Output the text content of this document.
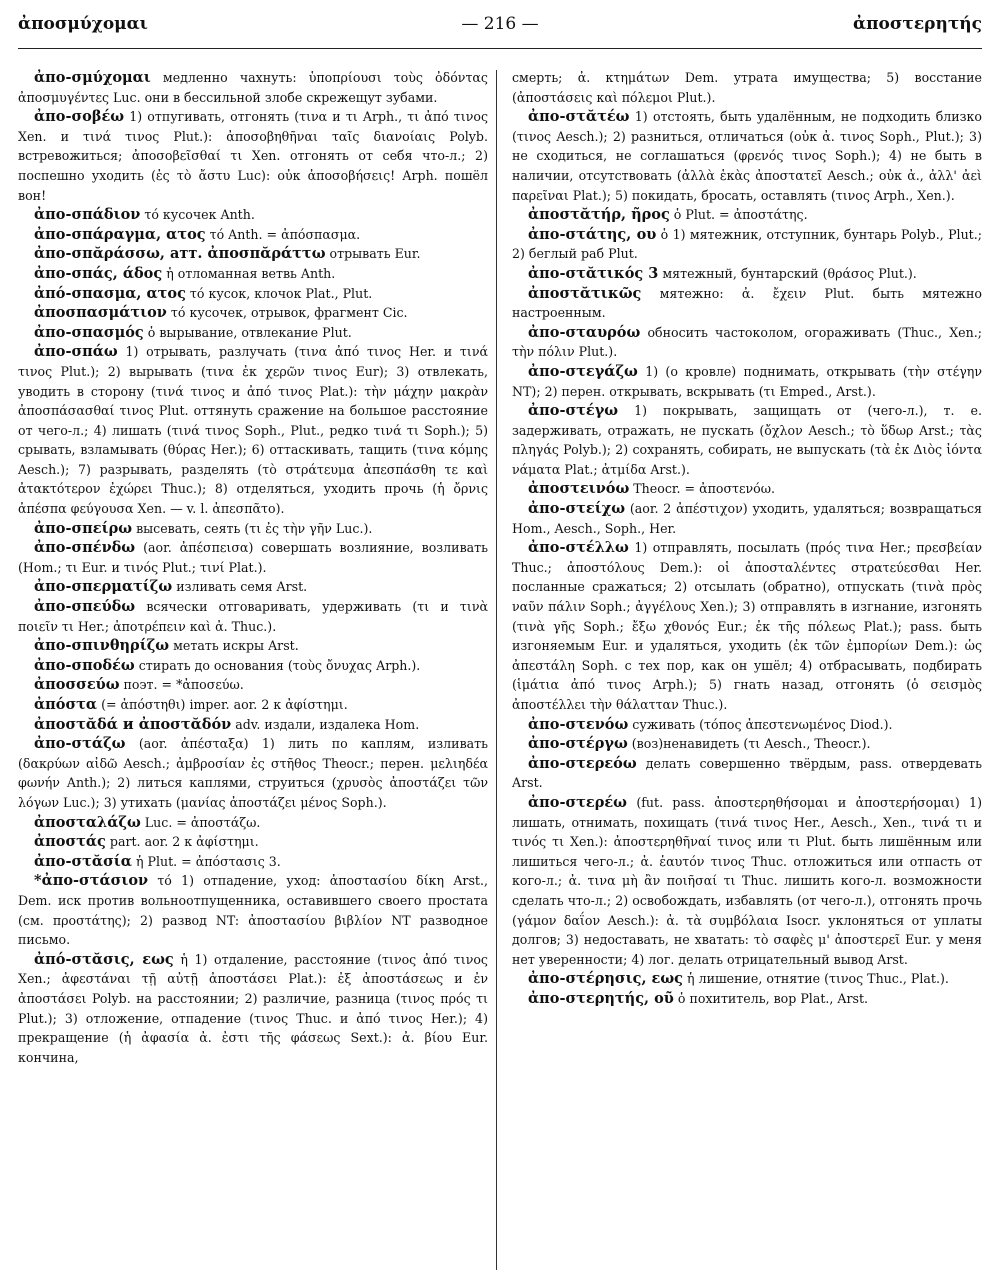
ἀποσμύχομαι	— 216 —	ἀποστερητής

ἀπο-σμύχομαι медленно чахнуть: ὑποπρίουσι τοὺς ὀδόντας ἀποσμυγέντες Luc. они в бессильной злобе скрежещут зубами.

ἀπο-σοβέω 1) отпугивать, отгонять (τινα и τι Arph., τι ἀπό τινος Xen. и τινά τινος Plut.): ἀποσοβηθῆναι ταῖς διανοίαις Polyb. встревожиться; ἀποσοβεῖσθαί τι Xen. отгонять от себя что-л.; 2) поспешно уходить (ἐς τὸ ἄστυ Luc): οὐκ ἀποσοβήσεις! Arph. пошёл вон!

ἀπο-σπάδιον τό кусочек Anth.

ἀπο-σπάραγμα, ατος τό Anth. = ἀπόσπασμα.

ἀπο-σπᾰράσσω, атт. ἀποσπᾰράττω отрывать Eur.

ἀπο-σπάς, άδος ἡ отломанная ветвь Anth.

ἀπό-σπασμα, ατος τό кусок, клочок Plat., Plut.

ἀποσπασμάτιον τό кусочек, отрывок, фрагмент Cic.

ἀπο-σπασμός ὁ вырывание, отвлекание Plut.

ἀπο-σπάω 1) отрывать, разлучать (τινα ἀπό τινος Her. и τινά τινος Plut.); 2) вырывать (τινα ἐκ χερῶν τινος Eur); 3) отвлекать, уводить в сторону (τινά τινος и ἀπό τινος Plat.): τὴν μάχην μακρὰν ἀποσπάσασθαί τινος Plut. оттянуть сражение на большое расстояние от чего-л.; 4) лишать (τινά τινος Soph., Plut., редко τινά τι Soph.); 5) срывать, взламывать (θύρας Her.); 6) оттаскивать, тащить (τινα κόμης Aesch.); 7) разрывать, разделять (τὸ στράτευμα ἀπεσπάσθη τε καὶ ἀτακτότερον ἐχώρει Thuc.); 8) отделяться, уходить прочь (ἡ ὄρνις ἀπέσπα φεύγουσα Xen. — v. l. ἀπεσπᾶτο).

ἀπο-σπείρω высевать, сеять (τι ἐς τὴν γῆν Luc.).

ἀπο-σπένδω (aor. ἀπέσπεισα) совершать возлияние, возливать (Hom.; τι Eur. и τινός Plut.; τινί Plat.).

ἀπο-σπερματίζω изливать семя Arst.

ἀπο-σπεύδω всячески отговаривать, удерживать (τι и τινὰ ποιεῖν τι Her.; ἀποτρέπειν καὶ ἀ. Thuc.).

ἀπο-σπινθηρίζω метать искры Arst.

ἀπο-σποδέω стирать до основания (τοὺς ὄνυχας Arph.).

ἀποσσεύω поэт. = *ἀποσεύω.

ἀπόστα (= ἀπόστηθι) imper. aor. 2 к ἀφίστημι.

ἀποστᾰδά и ἀποστᾰδόν adv. издали, издалека Hom.

ἀπο-στάζω (aor. ἀπέσταξα) 1) лить по каплям, изливать (δακρύων αἰδῶ Aesch.; ἀμβροσίαν ἐς στῆθος Theocr.; перен. μελιηδέα φωνήν Anth.); 2) литься каплями, струиться (χρυσὸς ἀποστάζει τῶν λόγων Luc.); 3) утихать (μανίας ἀποστάζει μένος Soph.).

ἀποσταλάζω Luc. = ἀποστάζω.

ἀποστάς part. aor. 2 к ἀφίστημι.

ἀπο-στᾰσία ἡ Plut. = ἀπόστασις 3.

*ἀπο-στάσιον τό 1) отпадение, уход: ἀποστασίου δίκη Arst., Dem. иск против вольноотпущенника, оставившего своего простата (см. προστάτης); 2) развод NT: ἀποστασίου βιβλίον NT разводное письмо.

ἀπό-στᾰσις, εως ἡ 1) отдаление, расстояние (τινος ἀπό τινος Xen.; ἀφεστάναι τῇ αὐτῇ ἀποστάσει Plat.): ἐξ ἀποστάσεως и ἐν ἀποστάσει Polyb. на расстоянии; 2) различие, разница (τινος πρός τι Plut.); 3) отложение, отпадение (τινος Thuc. и ἀπό τινος Her.); 4) прекращение (ἡ ἀφασία ἀ. ἐστι τῆς φάσεως Sext.): ἀ. βίου Eur. кончина,

смерть; ἀ. κτημάτων Dem. утрата имущества; 5) восстание (ἀποστάσεις καὶ πόλεμοι Plut.).

ἀπο-στᾰτέω 1) отстоять, быть удалённым, не подходить близко (τινος Aesch.); 2) разниться, отличаться (οὐκ ἀ. τινος Soph., Plut.); 3) не сходиться, не соглашаться (φρενός τινος Soph.); 4) не быть в наличии, отсутствовать (ἀλλὰ ἑκὰς ἀποστατεῖ Aesch.; οὐκ ἀ., ἀλλ' ἀεὶ παρεῖναι Plat.); 5) покидать, бросать, оставлять (τινος Arph., Xen.).

ἀποστᾰτήρ, ῆρος ὁ Plut. = ἀποστάτης.

ἀπο-στάτης, ου ὁ 1) мятежник, отступник, бунтарь Polyb., Plut.; 2) беглый раб Plut.

ἀπο-στᾰτικός 3 мятежный, бунтарский (θράσος Plut.).

ἀποστᾰτικῶς мятежно: ἀ. ἔχειν Plut. быть мятежно настроенным.

ἀπο-σταυρόω обносить частоколом, огораживать (Thuc., Xen.; τὴν πόλιν Plut.).

ἀπο-στεγάζω 1) (о кровле) поднимать, открывать (τὴν στέγην NT); 2) перен. открывать, вскрывать (τι Emped., Arst.).

ἀπο-στέγω 1) покрывать, защищать от (чего-л.), т. е. задерживать, отражать, не пускать (ὄχλον Aesch.; τὸ ὕδωρ Arst.; τὰς πληγάς Polyb.); 2) сохранять, собирать, не выпускать (τὰ ἐκ Διὸς ἰόντα νάματα Plat.; ἀτμίδα Arst.).

ἀποστεινόω Theocr. = ἀποστενόω.

ἀπο-στείχω (aor. 2 ἀπέστιχον) уходить, удаляться; возвращаться Hom., Aesch., Soph., Her.

ἀπο-στέλλω 1) отправлять, посылать (πρός τινα Her.; πρεσβείαν Thuc.; ἀποστόλους Dem.): οἱ ἀποσταλέντες στρατεύεσθαι Her. посланные сражаться; 2) отсылать (обратно), отпускать (τινὰ πρὸς ναῦν πάλιν Soph.; ἀγγέλους Xen.); 3) отправлять в изгнание, изгонять (τινὰ γῆς Soph.; ἔξω χθονός Eur.; ἐκ τῆς πόλεως Plat.); pass. быть изгоняемым Eur. и удаляться, уходить (ἐκ τῶν ἐμπορίων Dem.): ὡς ἀπεστάλη Soph. с тех пор, как он ушёл; 4) отбрасывать, подбирать (ἱμάτια ἀπό τινος Arph.); 5) гнать назад, отгонять (ὁ σεισμὸς ἀποστέλλει τὴν θάλατταν Thuc.).

ἀπο-στενόω суживать (τόπος ἀπεστενωμένος Diod.).

ἀπο-στέργω (воз)ненавидеть (τι Aesch., Theocr.).

ἀπο-στερεόω делать совершенно твёрдым, pass. отвердевать Arst.

ἀπο-στερέω (fut. pass. ἀποστερηθήσομαι и ἀποστερήσομαι) 1) лишать, отнимать, похищать (τινά τινος Her., Aesch., Xen., τινά τι и τινός τι Xen.): ἀποστερηθῆναί τινος или τι Plut. быть лишённым или лишиться чего-л.; ἀ. ἑαυτόν τινος Thuc. отложиться или отпасть от кого-л.; ἀ. τινα μὴ ἂν ποιῆσαί τι Thuc. лишить кого-л. возможности сделать что-л.; 2) освобождать, избавлять (от чего-л.), отгонять прочь (γάμον δαΐον Aesch.): ἀ. τὰ συμβόλαια Isocr. уклоняться от уплаты долгов; 3) недоставать, не хватать: τὸ σαφὲς μ' ἀποστερεῖ Eur. у меня нет уверенности; 4) лог. делать отрицательный вывод Arst.

ἀπο-στέρησις, εως ἡ лишение, отнятие (τινος Thuc., Plat.).

ἀπο-στερητής, οῦ ὁ похититель, вор Plat., Arst.
